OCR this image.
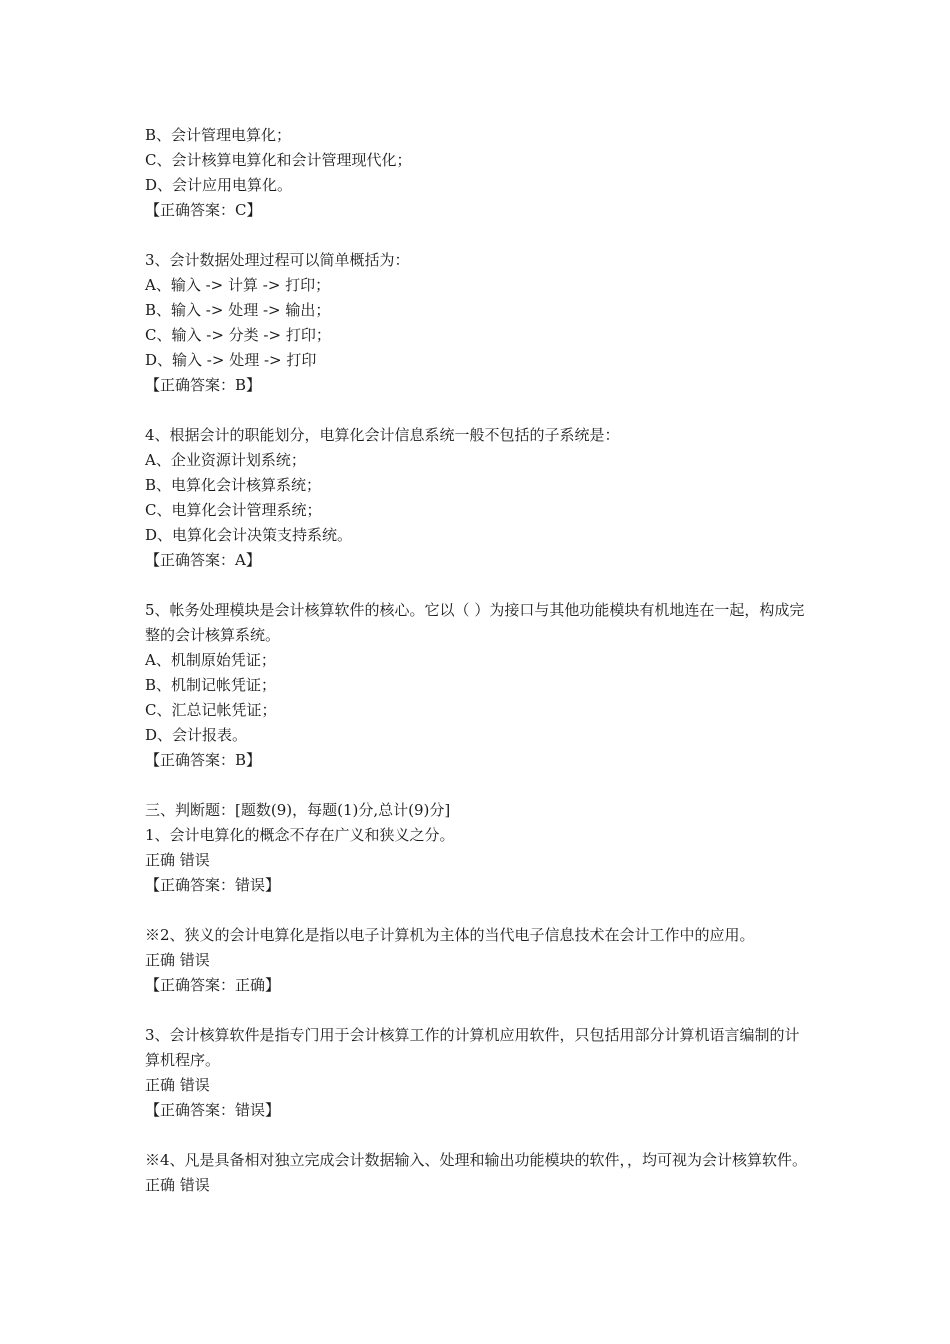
B、会计管理电算化；

C、会计核算电算化和会计管理现代化；

D、会计应用电算化。

【正确答案：C】

3、会计数据处理过程可以简单概括为：

A、输入 -> 计算 -> 打印；

B、输入 -> 处理 -> 输出；

C、输入 -> 分类 -> 打印；

D、输入 -> 处理 -> 打印

【正确答案：B】

4、根据会计的职能划分，电算化会计信息系统一般不包括的子系统是：

A、企业资源计划系统；

B、电算化会计核算系统；

C、电算化会计管理系统；

D、电算化会计决策支持系统。

【正确答案：A】

5、帐务处理模块是会计核算软件的核心。它以（ ）为接口与其他功能模块有机地连在一起，构成完整的会计核算系统。

A、机制原始凭证；

B、机制记帐凭证；

C、汇总记帐凭证；

D、会计报表。

【正确答案：B】

三、判断题：[题数(9)，每题(1)分,总计(9)分]

1、会计电算化的概念不存在广义和狭义之分。

正确 错误

【正确答案：错误】

※2、狭义的会计电算化是指以电子计算机为主体的当代电子信息技术在会计工作中的应用。

正确 错误

【正确答案：正确】

3、会计核算软件是指专门用于会计核算工作的计算机应用软件，只包括用部分计算机语言编制的计算机程序。

正确 错误

【正确答案：错误】

※4、凡是具备相对独立完成会计数据输入、处理和输出功能模块的软件，，均可视为会计核算软件。

正确 错误
